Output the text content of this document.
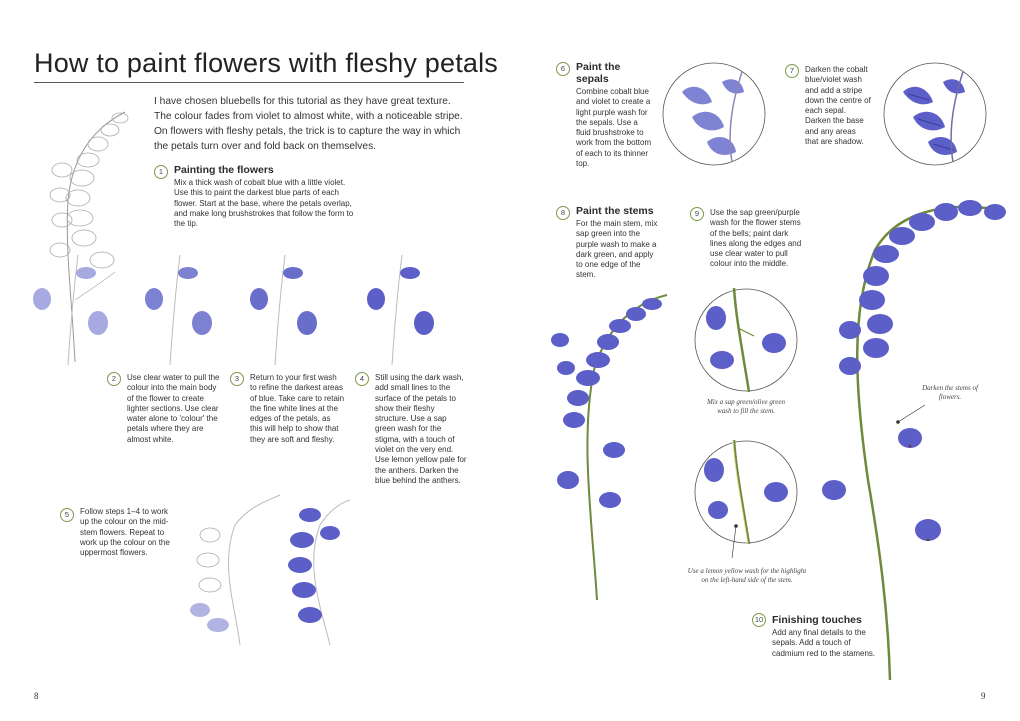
How to paint flowers with fleshy petals
I have chosen bluebells for this tutorial as they have great texture. The colour fades from violet to almost white, with a noticeable stripe. On flowers with fleshy petals, the trick is to capture the way in which the petals turn over and fold back on themselves.
1	Painting the flowers
Mix a thick wash of cobalt blue with a little violet. Use this to paint the darkest blue parts of each flower. Start at the base, where the petals overlap, and make long brushstrokes that follow the form to the tip.
2	Use clear water to pull the colour into the main body of the flower to create lighter sections. Use clear water alone to 'colour' the petals where they are almost white.
3	Return to your first wash to refine the darkest areas of blue. Take care to retain the fine white lines at the edges of the petals, as this will help to show that they are soft and fleshy.
4	Still using the dark wash, add small lines to the surface of the petals to show their fleshy structure. Use a sap green wash for the stigma, with a touch of violet on the very end. Use lemon yellow pale for the anthers. Darken the blue behind the anthers.
5	Follow steps 1–4 to work up the colour on the mid-stem flowers. Repeat to work up the colour on the uppermost flowers.
8
6	Paint the sepals
Combine cobalt blue and violet to create a light purple wash for the sepals. Use a fluid brushstroke to work from the bottom of each to its thinner top.
7	Darken the cobalt blue/violet wash and add a stripe down the centre of each sepal. Darken the base and any areas that are shadow.
8	Paint the stems
For the main stem, mix sap green into the purple wash to make a dark green, and apply to one edge of the stem.
9	Use the sap green/purple wash for the flower stems of the bells; paint dark lines along the edges and use clear water to pull colour into the middle.
Mix a sap green/olive green wash to fill the stem.
Use a lemon yellow wash for the highlight on the left-hand side of the stem.
Darken the stems of flowers.
10 Finishing touches
Add any final details to the sepals. Add a touch of cadmium red to the stamens.
9
